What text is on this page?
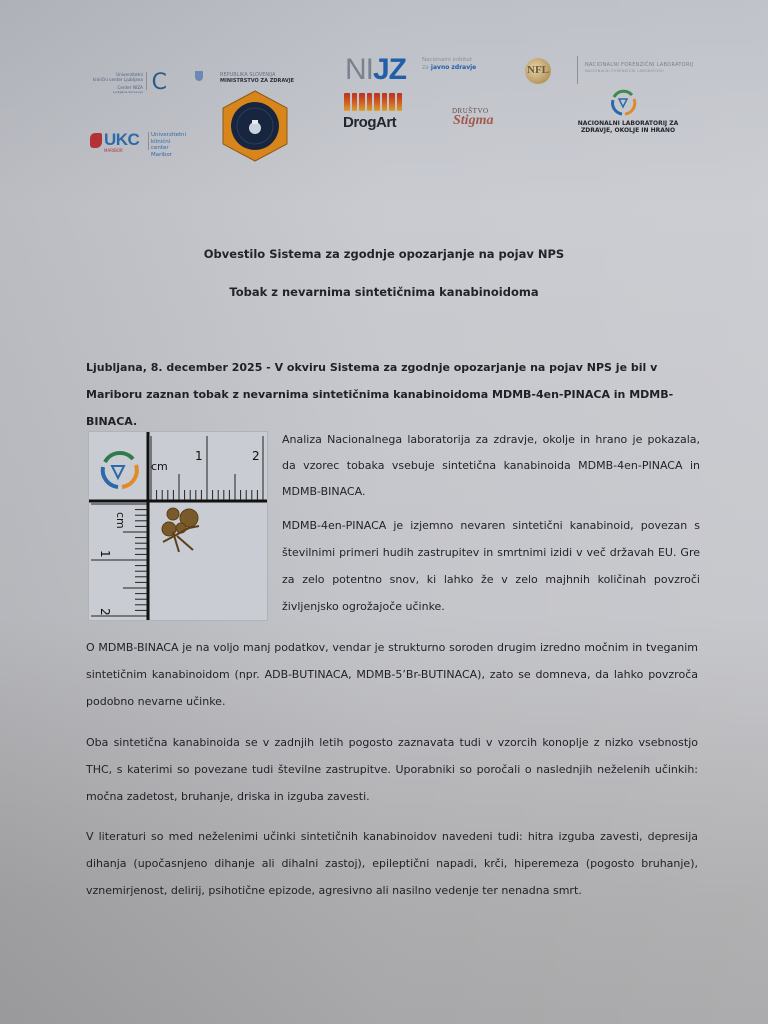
Univerzitetni
klinični center Ljubljana
Center NIZA
Ljubljana Slovenija C	REPUBLIKA SLOVENIJA
MINISTRSTVO ZA ZDRAVJE
UKC
MARIBOR
Univerzitetni
klinični center
Maribor
NIJZ	Nacionalni inštitut
za javno zdravje
DrogArt
DRUŠTVO
Stigma
NFL	NACIONALNI FORENZIČNI LABORATORIJ
NACIONALNI FORENZIČNI LABORATORIJ
NACIONALNI LABORATORIJ ZA
ZDRAVJE, OKOLJE IN HRANO
Obvestilo Sistema za zgodnje opozarjanje na pojav NPS
Tobak z nevarnima sintetičnima kanabinoidoma
Ljubljana, 8. december 2025 - V okviru Sistema za zgodnje opozarjanje na pojav NPS je bil v Mariboru zaznan tobak z nevarnima sintetičnima kanabinoidoma MDMB-4en-PINACA in MDMB-BINACA.
cm
1	2
cm
1
2
Analiza Nacionalnega laboratorija za zdravje, okolje in hrano je pokazala, da vzorec tobaka vsebuje sintetična kanabinoida MDMB-4en-PINACA in MDMB-BINACA.
MDMB-4en-PINACA je izjemno nevaren sintetični kanabinoid, povezan s številnimi primeri hudih zastrupitev in smrtnimi izidi v več državah EU. Gre za zelo potentno snov, ki lahko že v zelo majhnih količinah povzroči življenjsko ogrožajoče učinke.
O MDMB-BINACA je na voljo manj podatkov, vendar je strukturno soroden drugim izredno močnim in tveganim sintetičnim kanabinoidom (npr. ADB-BUTINACA, MDMB-5’Br-BUTINACA), zato se domneva, da lahko povzroča podobno nevarne učinke.
Oba sintetična kanabinoida se v zadnjih letih pogosto zaznavata tudi v vzorcih konoplje z nizko vsebnostjo THC, s katerimi so povezane tudi številne zastrupitve. Uporabniki so poročali o naslednjih neželenih učinkih: močna zadetost, bruhanje, driska in izguba zavesti.
V literaturi so med neželenimi učinki sintetičnih kanabinoidov navedeni tudi: hitra izguba zavesti, depresija dihanja (upočasnjeno dihanje ali dihalni zastoj), epileptični napadi, krči, hiperemeza (pogosto bruhanje), vznemirjenost, delirij, psihotične epizode, agresivno ali nasilno vedenje ter nenadna smrt.
